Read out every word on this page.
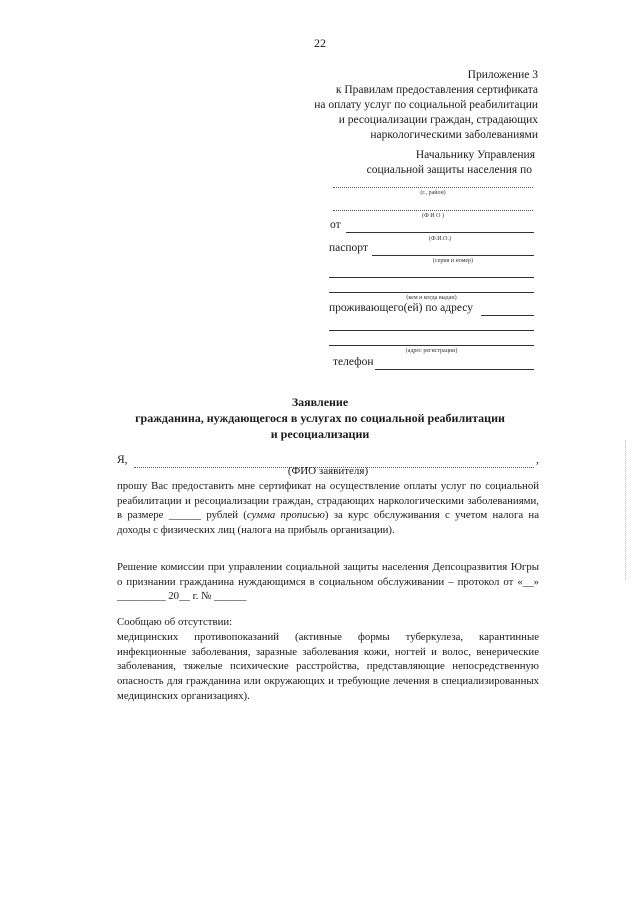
22
Приложение 3
к Правилам предоставления сертификата
на оплату услуг по социальной реабилитации
и ресоциализации граждан, страдающих
наркологическими заболеваниями
Начальнику Управления
социальной защиты населения по
(г., район)
(Ф И О )
от
(Ф.И.О.)
паспорт
(серия и номер)
(кем и когда выдан)
проживающего(ей) по адресу
(адрес регистрации)
телефон
Заявление
гражданина, нуждающегося в услугах по социальной реабилитации
и ресоциализации
Я,	,
(ФИО заявителя)

прошу Вас предоставить мне сертификат на осуществление оплаты услуг по социальной реабилитации и ресоциализации граждан, страдающих наркологическими заболеваниями, в размере ______ рублей (сумма прописью) за курс обслуживания с учетом налога на доходы с физических лиц (налога на прибыль организации).

Решение комиссии при управлении социальной защиты населения Депсоцразвития Югры о признании гражданина нуждающимся в социальном обслуживании – протокол от «__» _________ 20__ г. № ______

Сообщаю об отсутствии:

медицинских противопоказаний (активные формы туберкулеза, карантинные инфекционные заболевания, заразные заболевания кожи, ногтей и волос, венерические заболевания, тяжелые психические расстройства, представляющие непосредственную опасность для гражданина или окружающих и требующие лечения в специализированных медицинских организациях).
